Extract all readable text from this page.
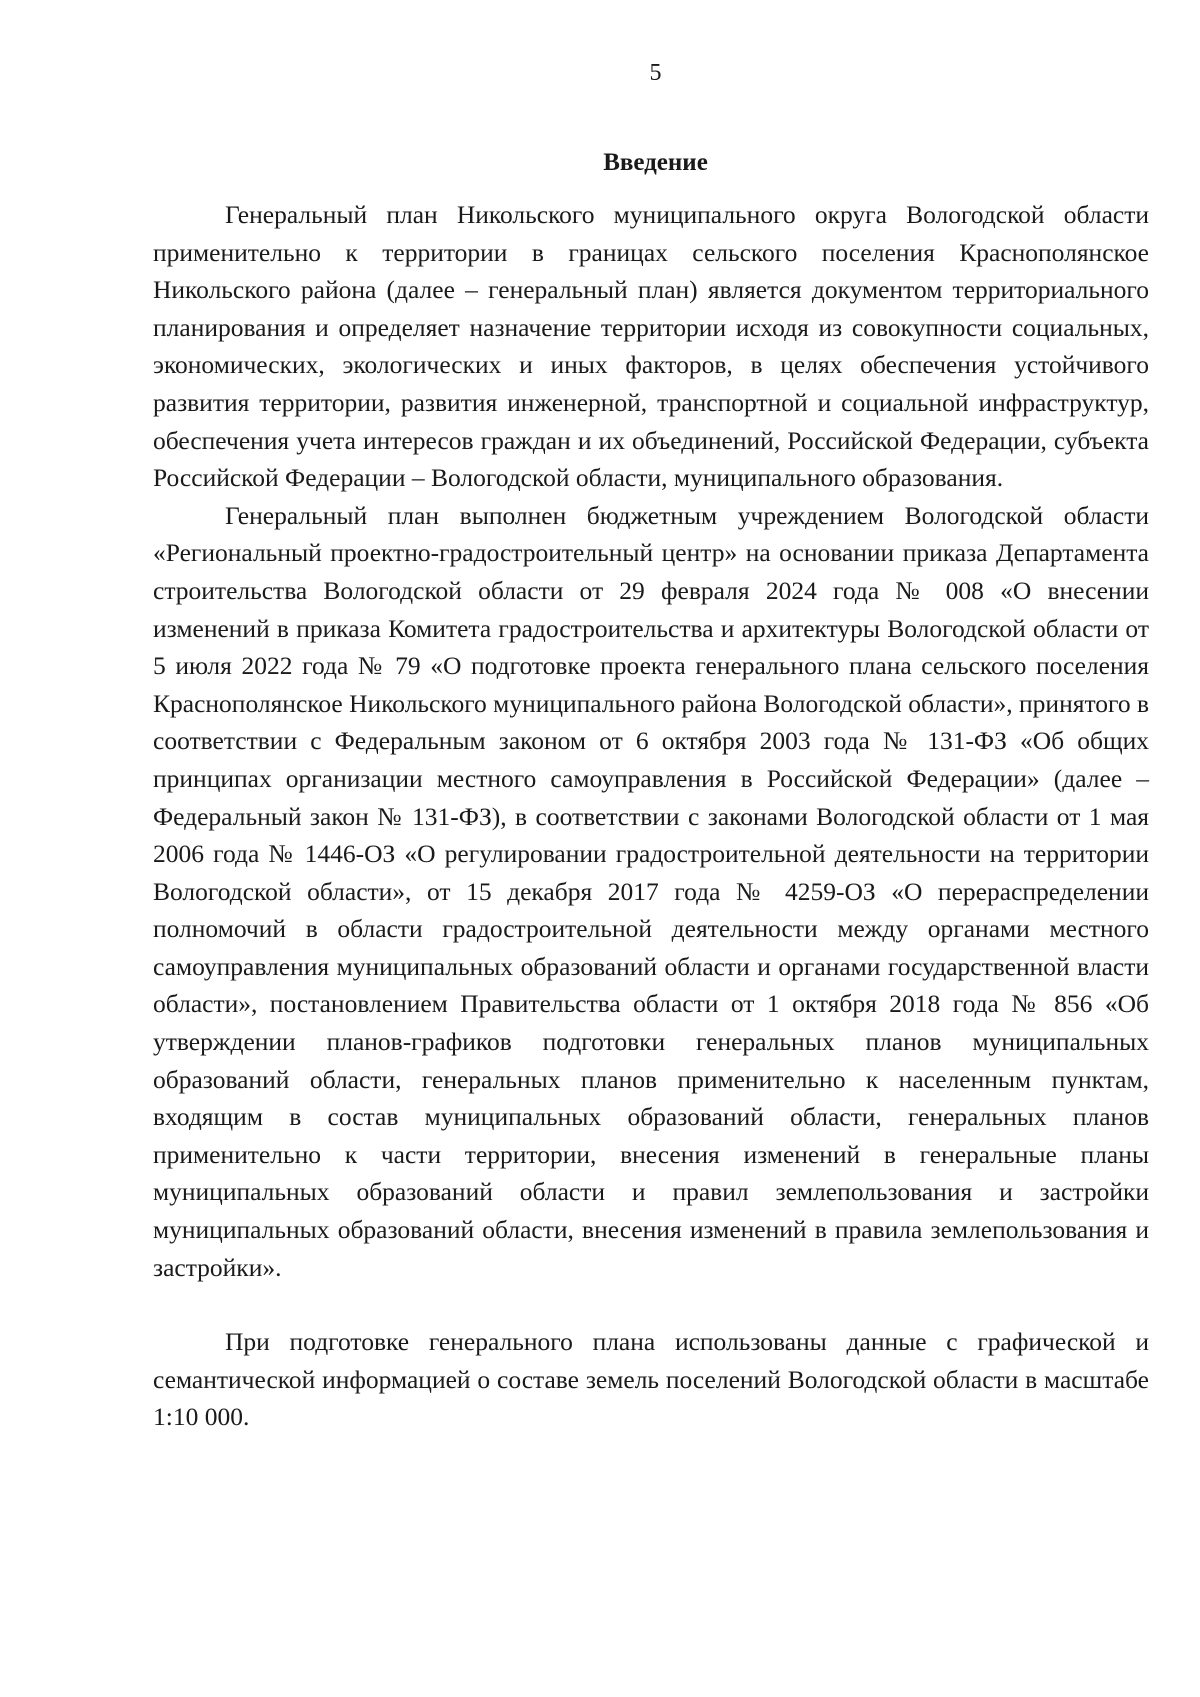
5
Введение

Генеральный план Никольского муниципального округа Вологодской области применительно к территории в границах сельского поселения Краснополянское Никольского района (далее – генеральный план) является документом территориального планирования и определяет назначение территории исходя из совокупности социальных, экономических, экологических и иных факторов, в целях обеспечения устойчивого развития территории, развития инженерной, транспортной и социальной инфраструктур, обеспечения учета интересов граждан и их объединений, Российской Федерации, субъекта Российской Федерации – Вологодской области, муниципального образования.

Генеральный план выполнен бюджетным учреждением Вологодской области «Региональный проектно-градостроительный центр» на основании приказа Департамента строительства Вологодской области от 29 февраля 2024 года № 008 «О внесении изменений в приказа Комитета градостроительства и архитектуры Вологодской области от 5 июля 2022 года № 79 «О подготовке проекта генерального плана сельского поселения Краснополянское Никольского муниципального района Вологодской области», принятого в соответствии с Федеральным законом от 6 октября 2003 года № 131-ФЗ «Об общих принципах организации местного самоуправления в Российской Федерации» (далее – Федеральный закон № 131-ФЗ), в соответствии с законами Вологодской области от 1 мая 2006 года № 1446-ОЗ «О регулировании градостроительной деятельности на территории Вологодской области», от 15 декабря 2017 года № 4259-ОЗ «О перераспределении полномочий в области градостроительной деятельности между органами местного самоуправления муниципальных образований области и органами государственной власти области», постановлением Правительства области от 1 октября 2018 года № 856 «Об утверждении планов-графиков подготовки генеральных планов муниципальных образований области, генеральных планов применительно к населенным пунктам, входящим в состав муниципальных образований области, генеральных планов применительно к части территории, внесения изменений в генеральные планы муниципальных образований области и правил землепользования и застройки муниципальных образований области, внесения изменений в правила землепользования и застройки».

При подготовке генерального плана использованы данные с графической и семантической информацией о составе земель поселений Вологодской области в масштабе 1:10 000.
